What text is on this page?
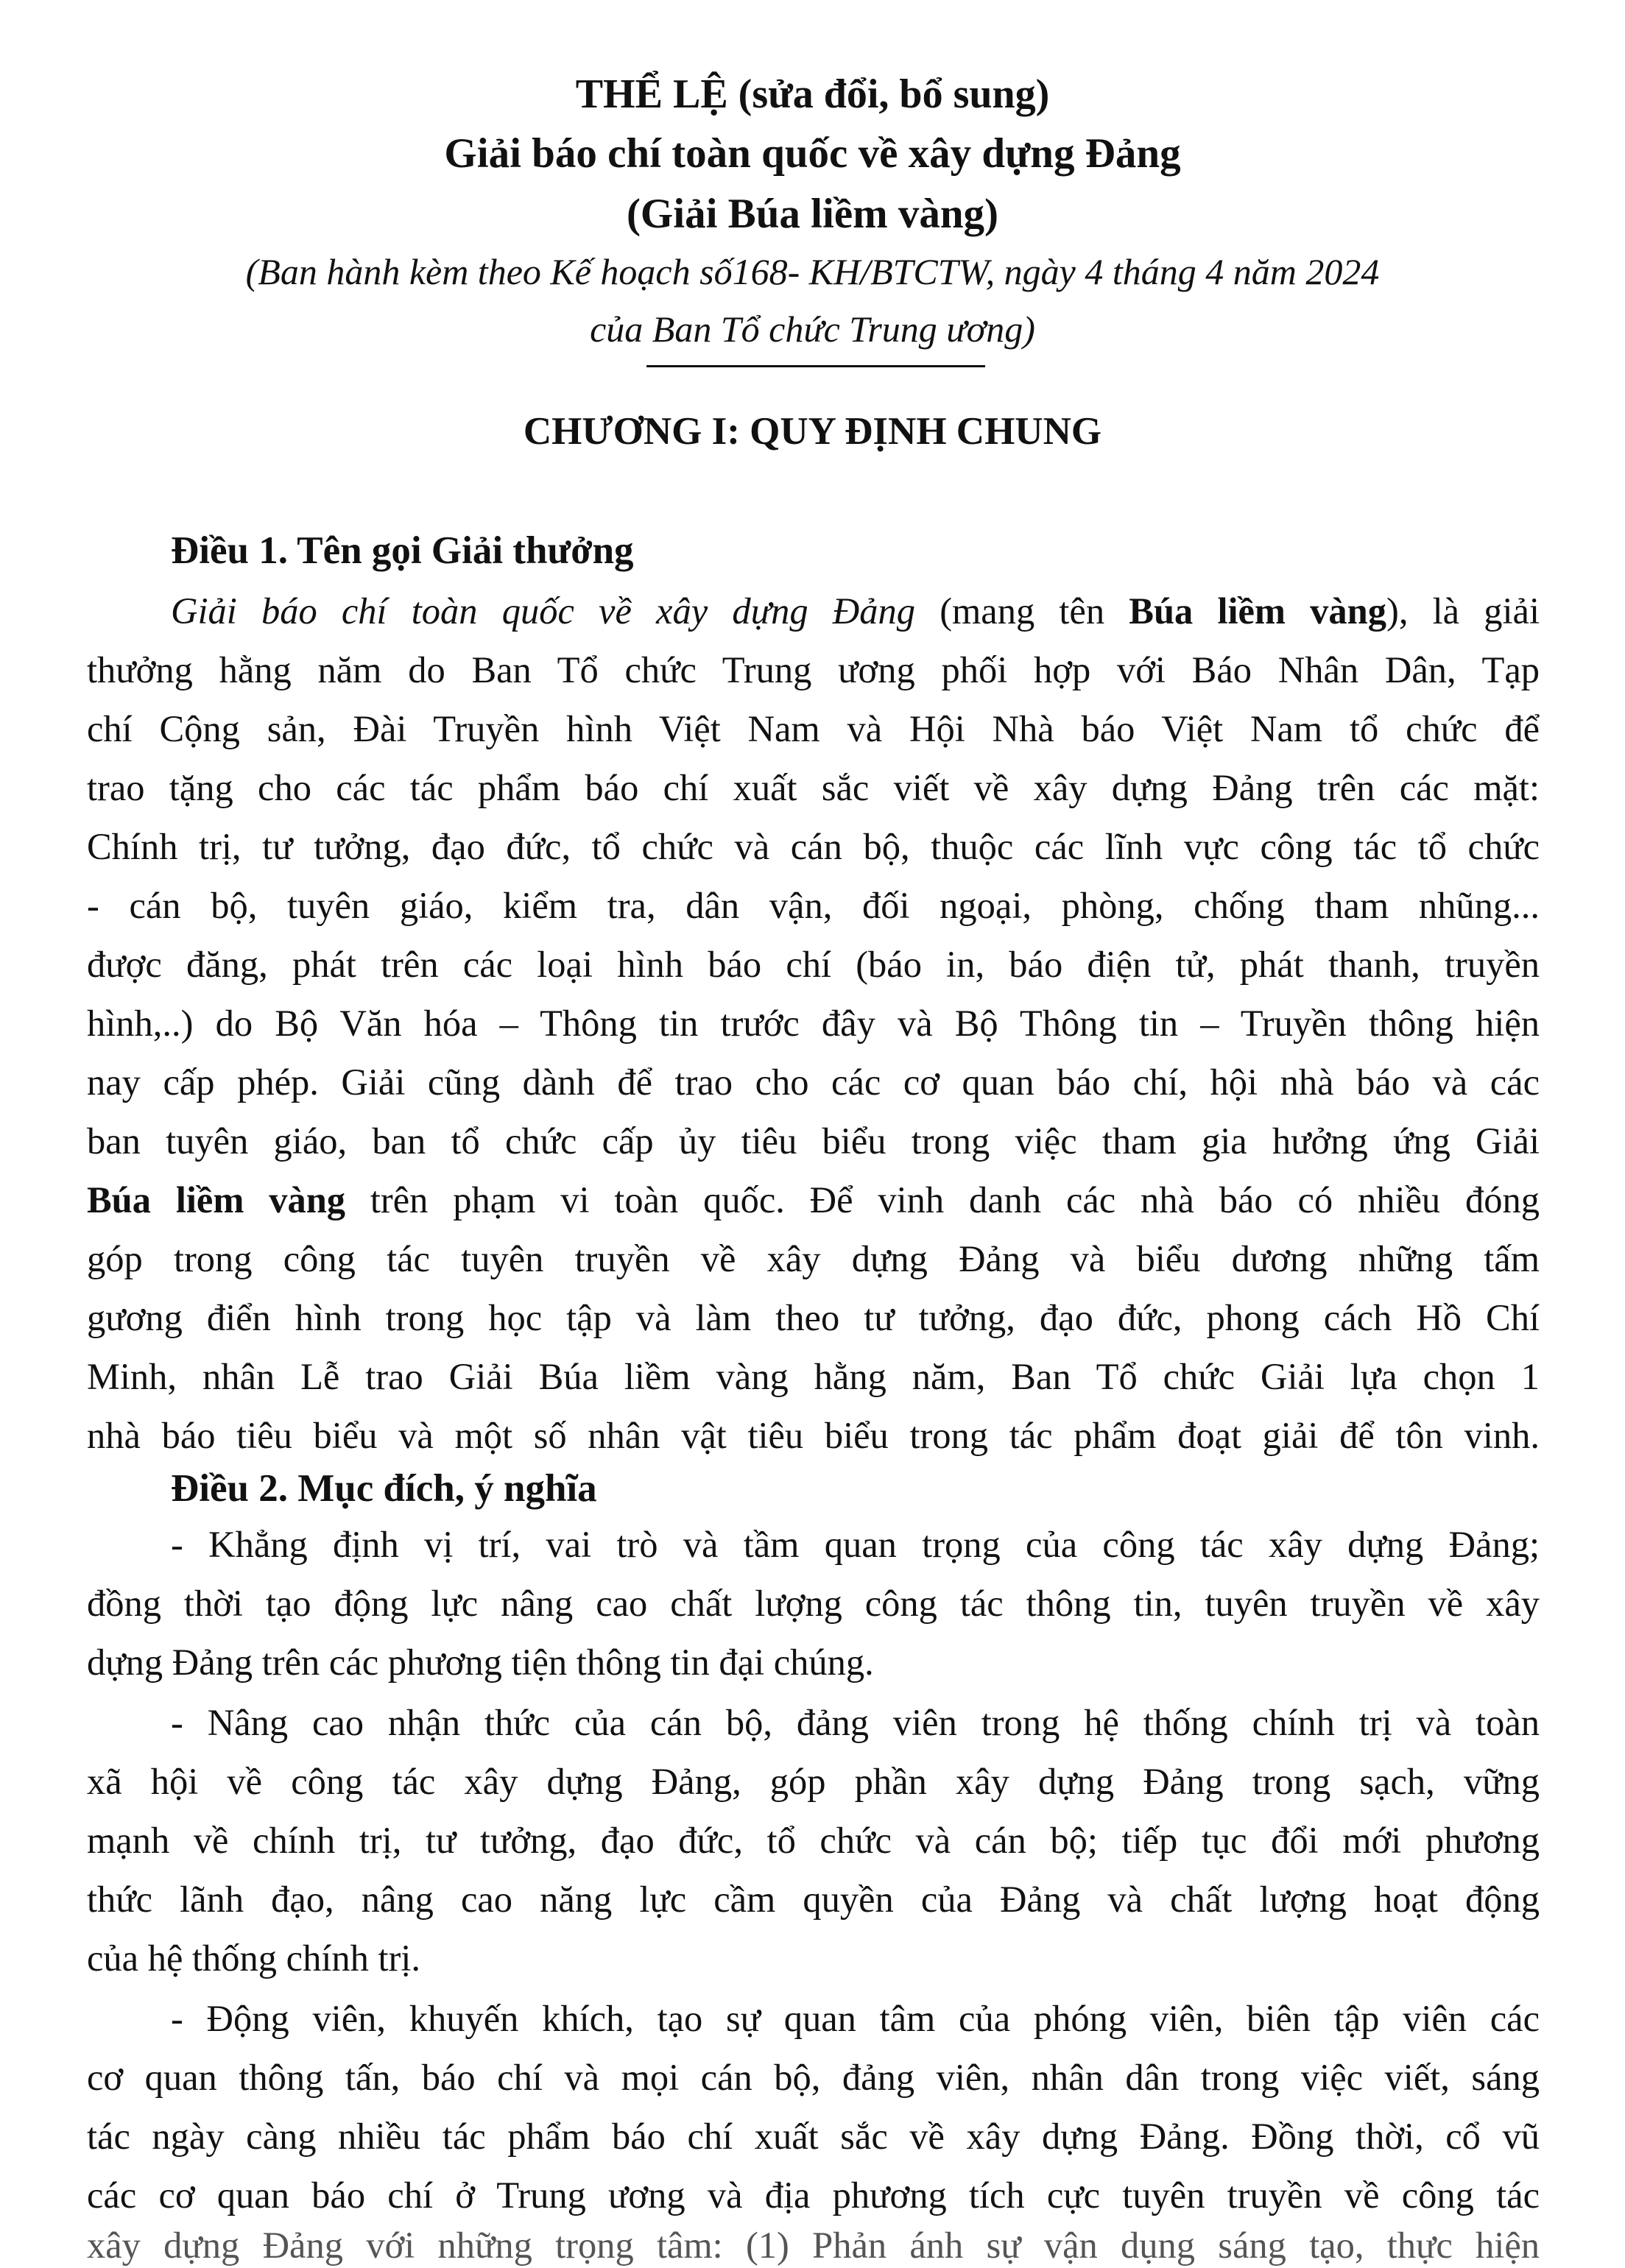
THỂ LỆ (sửa đổi, bổ sung)
Giải báo chí toàn quốc về xây dựng Đảng
(Giải Búa liềm vàng)
(Ban hành kèm theo Kế hoạch số168- KH/BTCTW, ngày 4 tháng 4 năm 2024
của Ban Tổ chức Trung ương)
CHƯƠNG I: QUY ĐỊNH CHUNG
Điều 1. Tên gọi Giải thưởng
Giải báo chí toàn quốc về xây dựng Đảng (mang tên Búa liềm vàng), là giải
thưởng hằng năm do Ban Tổ chức Trung ương phối hợp với Báo Nhân Dân, Tạp
chí Cộng sản, Đài Truyền hình Việt Nam và Hội Nhà báo Việt Nam tổ chức để
trao tặng cho các tác phẩm báo chí xuất sắc viết về xây dựng Đảng trên các mặt:
Chính trị, tư tưởng, đạo đức, tổ chức và cán bộ, thuộc các lĩnh vực công tác tổ chức
- cán bộ, tuyên giáo, kiểm tra, dân vận, đối ngoại, phòng, chống tham nhũng...
được đăng, phát trên các loại hình báo chí (báo in, báo điện tử, phát thanh, truyền
hình,..) do Bộ Văn hóa – Thông tin trước đây và Bộ Thông tin – Truyền thông hiện
nay cấp phép. Giải cũng dành để trao cho các cơ quan báo chí, hội nhà báo và các
ban tuyên giáo, ban tổ chức cấp ủy tiêu biểu trong việc tham gia hưởng ứng Giải
Búa liềm vàng trên phạm vi toàn quốc. Để vinh danh các nhà báo có nhiều đóng
góp trong công tác tuyên truyền về xây dựng Đảng và biểu dương những tấm
gương điển hình trong học tập và làm theo tư tưởng, đạo đức, phong cách Hồ Chí
Minh, nhân Lễ trao Giải Búa liềm vàng hằng năm, Ban Tổ chức Giải lựa chọn 1
nhà báo tiêu biểu và một số nhân vật tiêu biểu trong tác phẩm đoạt giải để tôn vinh.
Điều 2. Mục đích, ý nghĩa
- Khẳng định vị trí, vai trò và tầm quan trọng của công tác xây dựng Đảng;
đồng thời tạo động lực nâng cao chất lượng công tác thông tin, tuyên truyền về xây
dựng Đảng trên các phương tiện thông tin đại chúng.
- Nâng cao nhận thức của cán bộ, đảng viên trong hệ thống chính trị và toàn
xã hội về công tác xây dựng Đảng, góp phần xây dựng Đảng trong sạch, vững
mạnh về chính trị, tư tưởng, đạo đức, tổ chức và cán bộ; tiếp tục đổi mới phương
thức lãnh đạo, nâng cao năng lực cầm quyền của Đảng và chất lượng hoạt động
của hệ thống chính trị.
- Động viên, khuyến khích, tạo sự quan tâm của phóng viên, biên tập viên các
cơ quan thông tấn, báo chí và mọi cán bộ, đảng viên, nhân dân trong việc viết, sáng
tác ngày càng nhiều tác phẩm báo chí xuất sắc về xây dựng Đảng. Đồng thời, cổ vũ
các cơ quan báo chí ở Trung ương và địa phương tích cực tuyên truyền về công tác
xây dựng Đảng với những trọng tâm: (1) Phản ánh sự vận dụng sáng tạo, thực hiện
